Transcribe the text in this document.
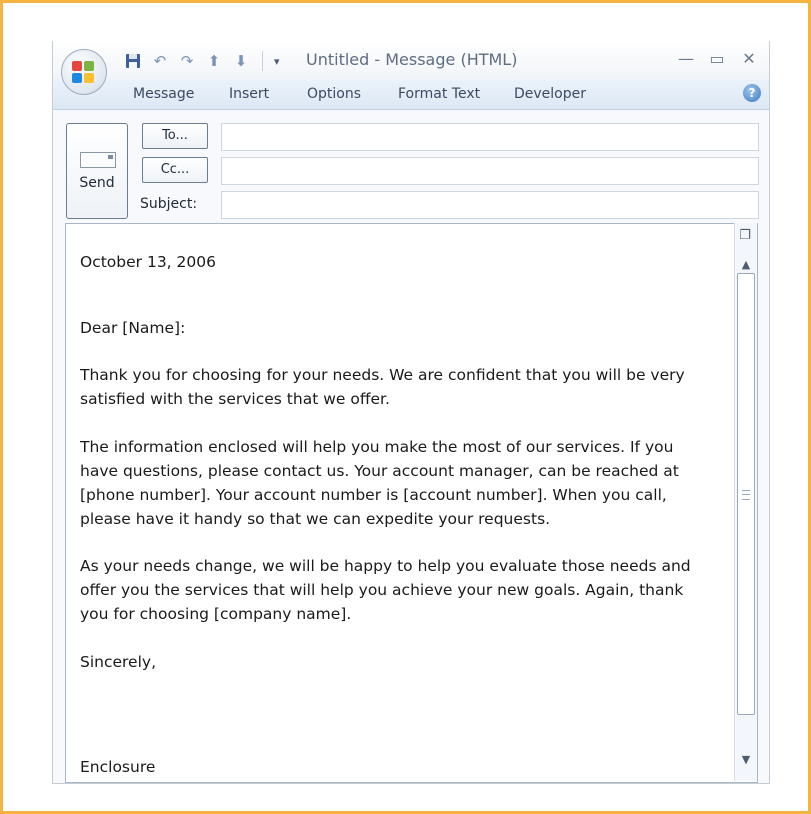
↶ ↷ ⬆ ⬇	▾ Untitled - Message (HTML)	— ▭ ✕
Message Insert	Options	Format Text Developer	?
Send
To...
Cc...
Subject:
October 13, 2006
Dear [Name]:
Thank you for choosing for your needs. We are confident that you will be very
satisfied with the services that we offer.
The information enclosed will help you make the most of our services. If you
have questions, please contact us. Your account manager, can be reached at
[phone number]. Your account number is [account number]. When you call,
please have it handy so that we can expedite your requests.
As your needs change, we will be happy to help you evaluate those needs and
offer you the services that will help you achieve your new goals. Again, thank
you for choosing [company name].
Sincerely,
Enclosure
❐
▲
▼
